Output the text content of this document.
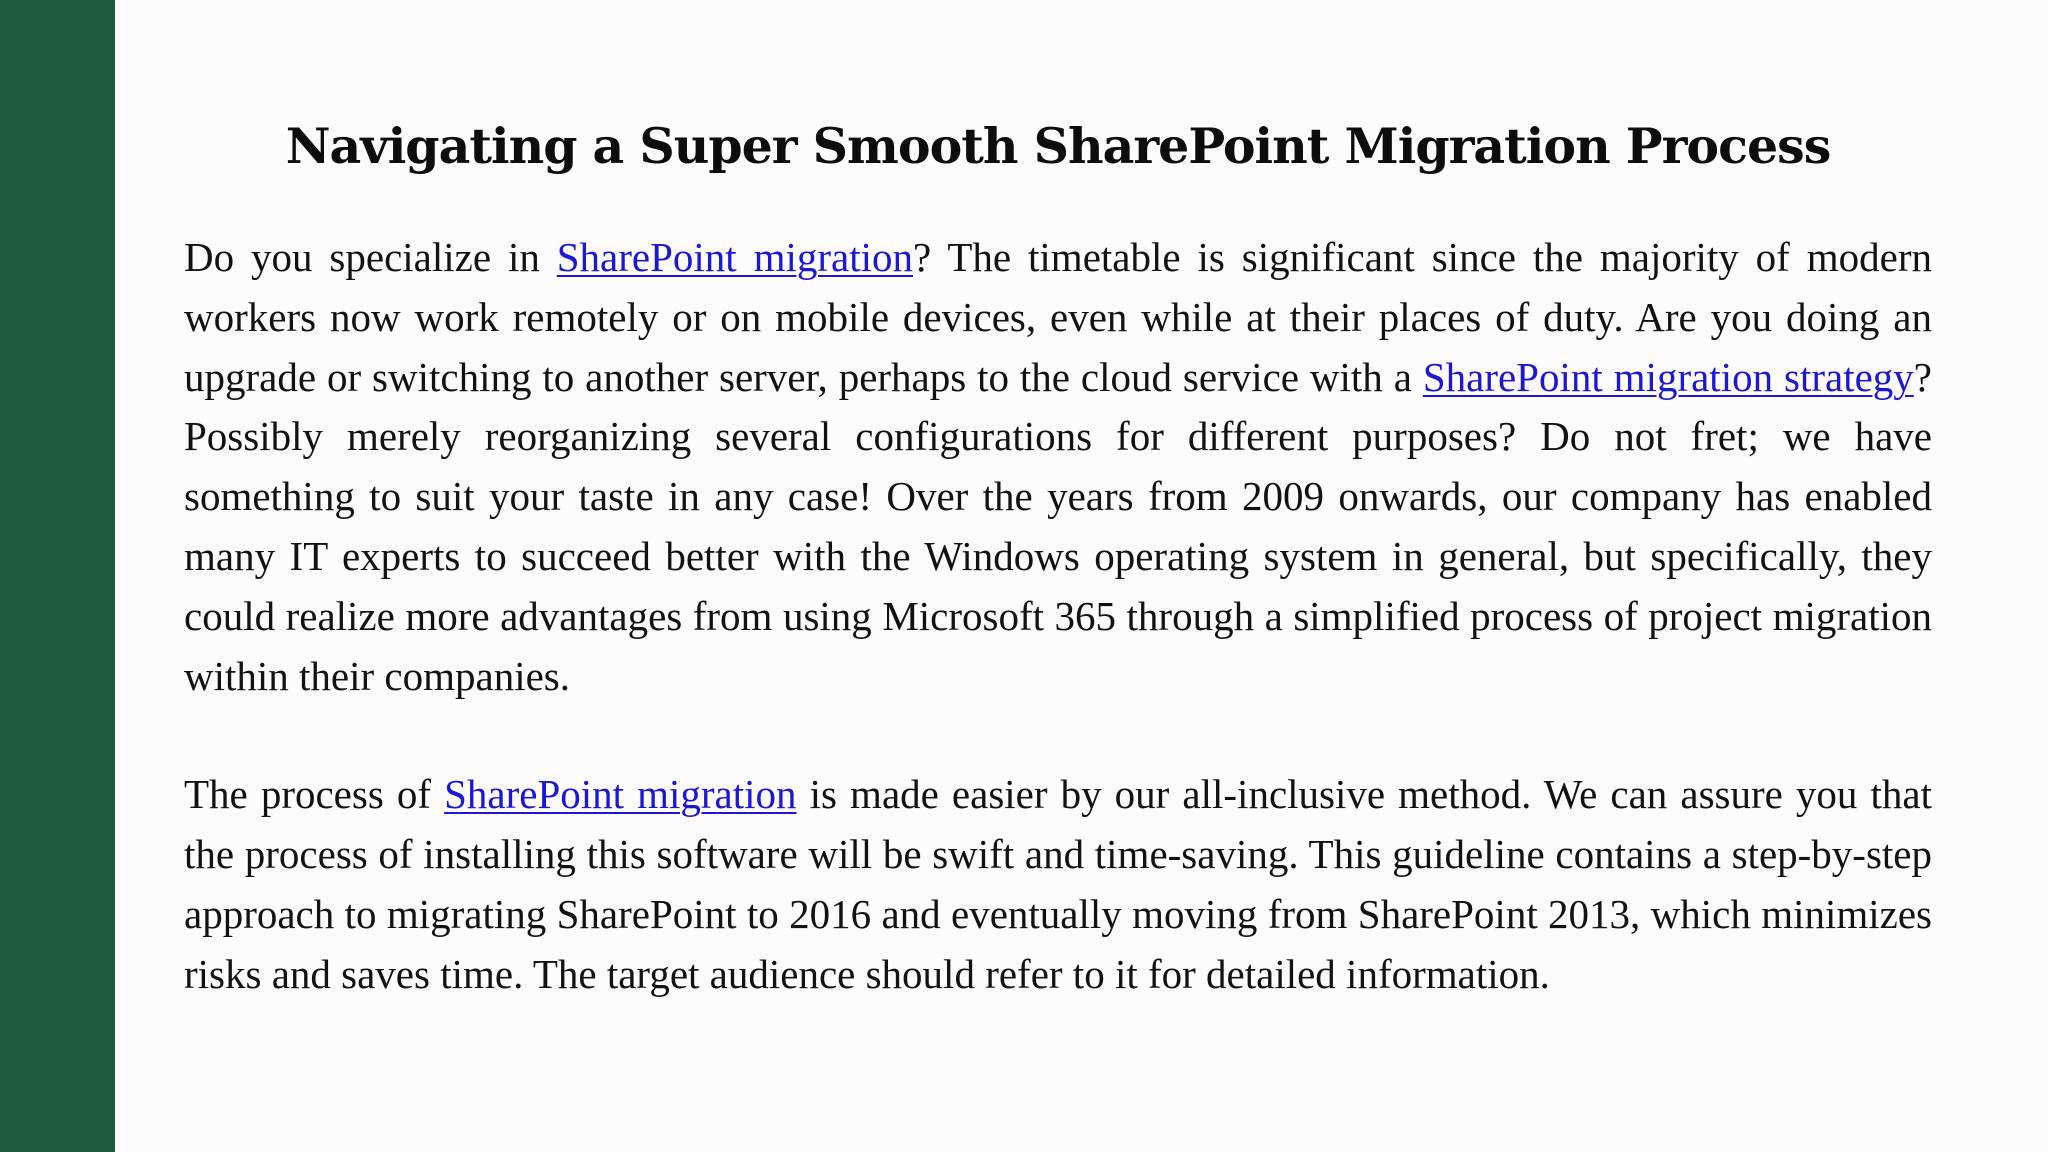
Navigating a Super Smooth SharePoint Migration Process

Do you specialize in SharePoint migration? The timetable is significant since the majority of modern workers now work remotely or on mobile devices, even while at their places of duty. Are you doing an upgrade or switching to another server, perhaps to the cloud service with a SharePoint migration strategy? Possibly merely reorganizing several configurations for different purposes? Do not fret; we have something to suit your taste in any case! Over the years from 2009 onwards, our company has enabled many IT experts to succeed better with the Windows operating system in general, but specifically, they could realize more advantages from using Microsoft 365 through a simplified process of project migration within their companies.

The process of SharePoint migration is made easier by our all-inclusive method. We can assure you that the process of installing this software will be swift and time-saving. This guideline contains a step-by-step approach to migrating SharePoint to 2016 and eventually moving from SharePoint 2013, which minimizes risks and saves time. The target audience should refer to it for detailed information.
